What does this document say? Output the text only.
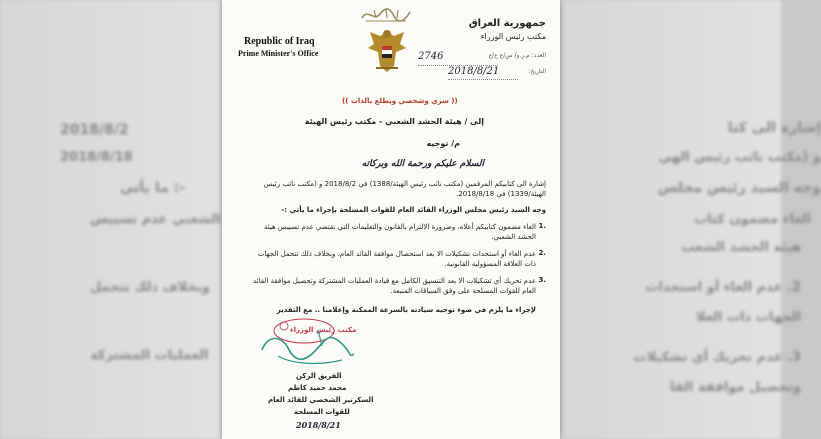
2018/8/2
2018/8/18
ما يأتي :-
الشعبي عدم تسييس
وبخلاف ذلك تتحمل
العمليات المشتركة
إشارة الى كتا
و (مكتب نائب رئيس الهي
وجه السيد رئيس مجلس
الغاء مضمون كتاب
هيئة الحشد الشعب
2. عدم الغاء أو استحداث
الجهات ذات العلا
3. عدم تحريك أي تشكيلات
وتحصيل موافقة القا
Republic of Iraq
Prime Minister's Office
جمهورية العراق
مكتب رئيس الوزراء
العدد: م.ر.و/ س/ع ع/ع
2746
التاريخ:
2018/8/21
(( سري وشخصي ويطلع بالذات ))
إلى / هيئة الحشد الشعبي - مكتب رئيس الهيئة
م/ توجيه
السلام عليكم ورحمة الله وبركاته
إشارة الى كتابيكم المرقمين (مكتب نائب رئيس الهيئة/1388) في 2018/8/2 و (مكتب نائب رئيس الهيئة/1339) في 2018/8/18.
وجه السيد رئيس مجلس الوزراء القائد العام للقوات المسلحة بإجراء ما يأتي :-
1.
الغاء مضمون كتابيكم أعلاه، وضرورة الالتزام بالقانون والتعليمات التي تقتضي عدم تسييس هيئة الحشد الشعبي.
2.
عدم الغاء أو استحداث تشكيلات الا بعد استحصال موافقة القائد العام، وبخلاف ذلك تتحمل الجهات ذات العلاقة المسؤولية القانونية.
3.
عدم تحريك أي تشكيلات الا بعد التنسيق الكامل مع قيادة العمليات المشتركة وتحصيل موافقة القائد العام للقوات المسلحة على وفق السياقات المتبعة.
لإجراء ما يلزم في ضوء توجيه سيادته بالسرعة الممكنة وإعلامنا .. مع التقدير
مكتب رئيس الوزراء
الفريق الركن
محمد حميد كاظم
السكرتير الشخصي للقائد العام
للقوات المسلحة
2018/8/21
